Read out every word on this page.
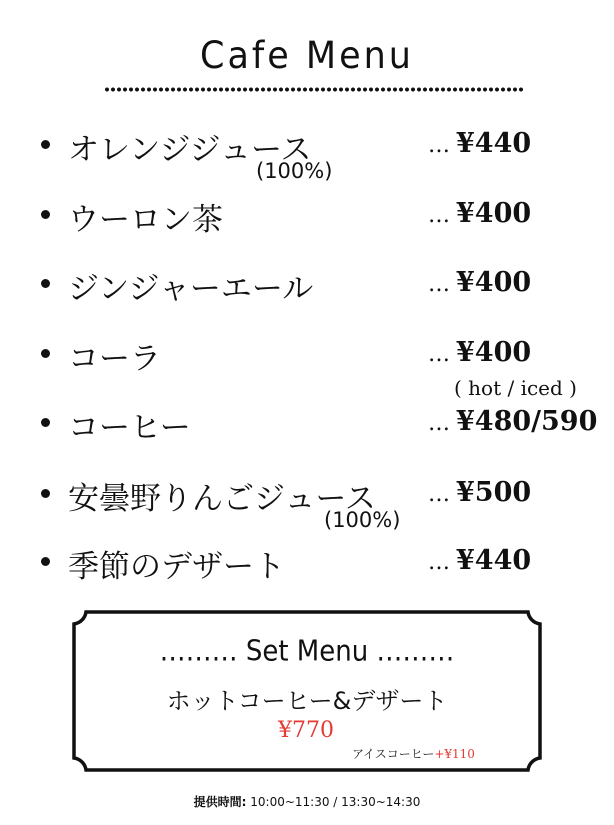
Cafe Menu
オレンジジュース	… ¥440
(100%)
ウーロン茶	… ¥400
ジンジャーエール	… ¥400
コーラ	… ¥400
( hot / iced )
コーヒー	… ¥480/590
安曇野りんごジュース … ¥500
(100%)
季節のデザート	… ¥440
……… Set Menu ………
ホットコーヒー&デザート
¥770
アイスコーヒー+¥110
提供時間: 10:00~11:30 / 13:30~14:30
